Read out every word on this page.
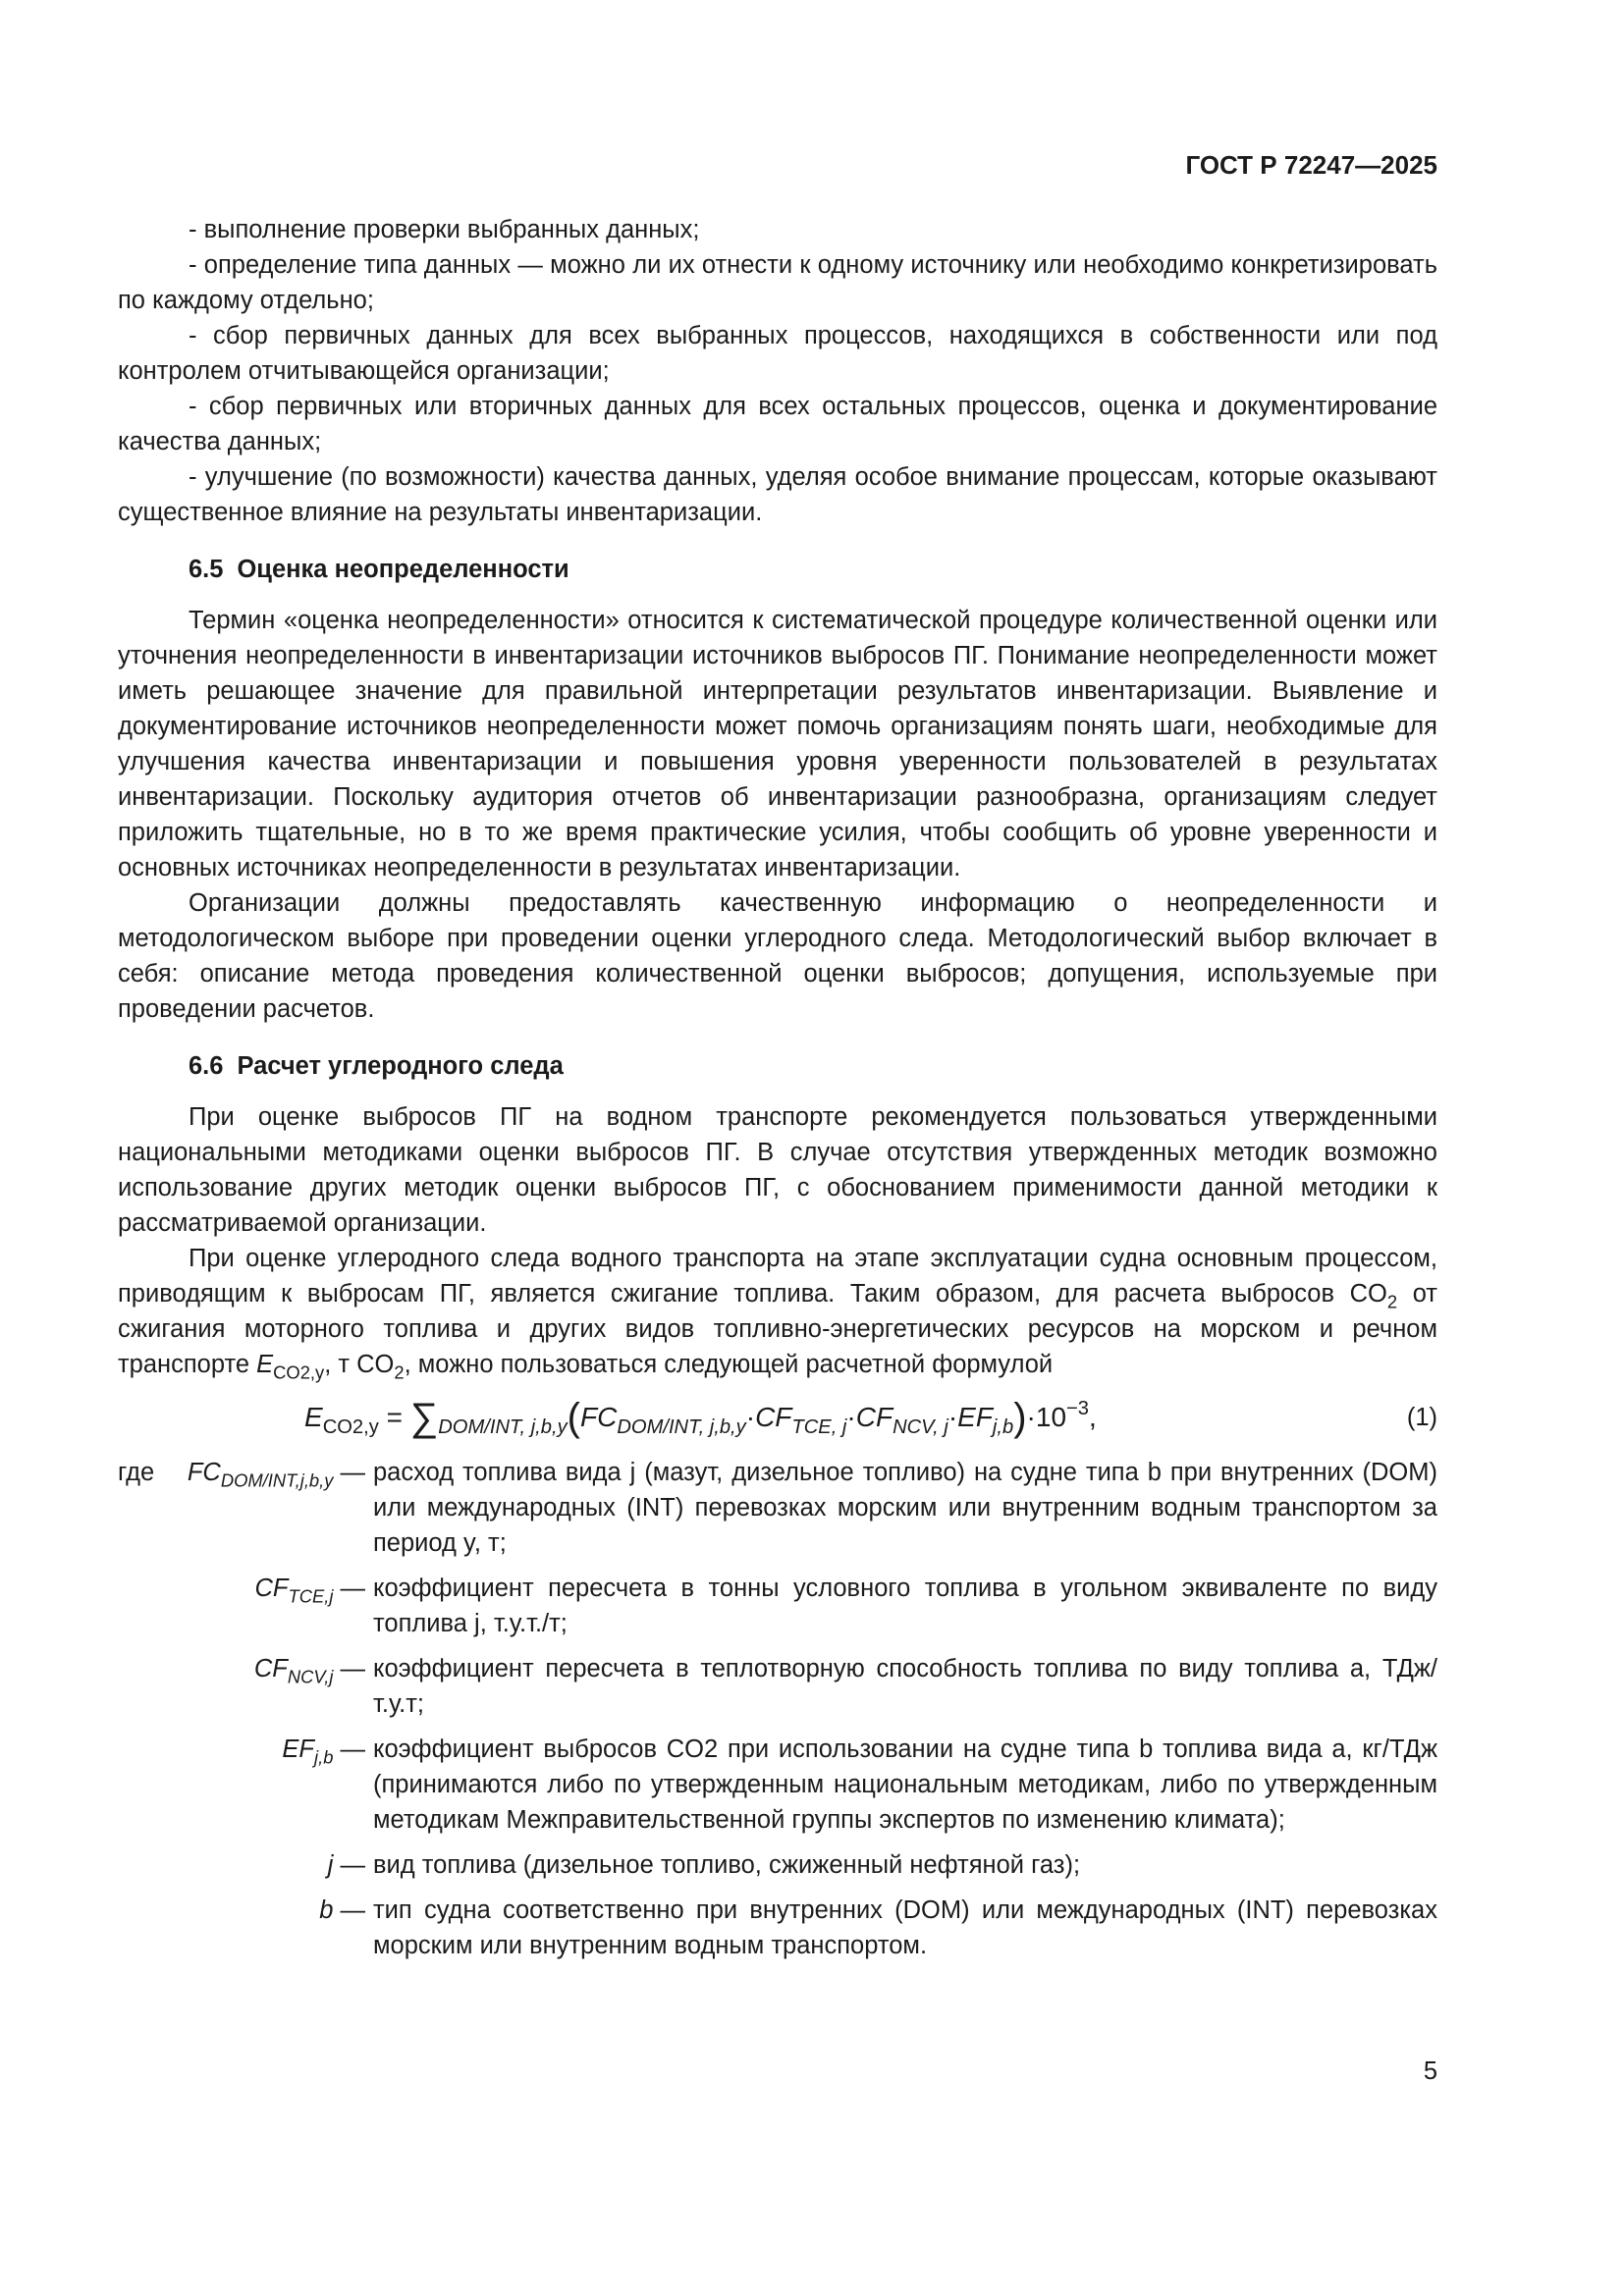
ГОСТ Р 72247—2025

- выполнение проверки выбранных данных;

- определение типа данных — можно ли их отнести к одному источнику или необходимо конкретизировать по каждому отдельно;

- сбор первичных данных для всех выбранных процессов, находящихся в собственности или под контролем отчитывающейся организации;

- сбор первичных или вторичных данных для всех остальных процессов, оценка и документирование качества данных;

- улучшение (по возможности) качества данных, уделяя особое внимание процессам, которые оказывают существенное влияние на результаты инвентаризации.

6.5 Оценка неопределенности

Термин «оценка неопределенности» относится к систематической процедуре количественной оценки или уточнения неопределенности в инвентаризации источников выбросов ПГ. Понимание неопределенности может иметь решающее значение для правильной интерпретации результатов инвентаризации. Выявление и документирование источников неопределенности может помочь организациям понять шаги, необходимые для улучшения качества инвентаризации и повышения уровня уверенности пользователей в результатах инвентаризации. Поскольку аудитория отчетов об инвентаризации разнообразна, организациям следует приложить тщательные, но в то же время практические усилия, чтобы сообщить об уровне уверенности и основных источниках неопределенности в результатах инвентаризации.

Организации должны предоставлять качественную информацию о неопределенности и методологическом выборе при проведении оценки углеродного следа. Методологический выбор включает в себя: описание метода проведения количественной оценки выбросов; допущения, используемые при проведении расчетов.

6.6 Расчет углеродного следа

При оценке выбросов ПГ на водном транспорте рекомендуется пользоваться утвержденными национальными методиками оценки выбросов ПГ. В случае отсутствия утвержденных методик возможно использование других методик оценки выбросов ПГ, с обоснованием применимости данной методики к рассматриваемой организации.

При оценке углеродного следа водного транспорта на этапе эксплуатации судна основным процессом, приводящим к выбросам ПГ, является сжигание топлива. Таким образом, для расчета выбросов $CO_2$ от сжигания моторного топлива и других видов топливно-энергетических ресурсов на морском и речном транспорте $E_{CO2,y}$, т $CO_2$, можно пользоваться следующей расчетной формулой

$E_{CO2,y} = \sum_{DOM/INT, j,b,y}(FC_{DOM/INT, j,b,y}\cdot CF_{TCE, j}\cdot CF_{NCV, j}\cdot EF_{j,b})\cdot 10^{-3}$,	(1)
где $FC_{DOM/INT,j,b,y}$ — расход топлива вида j (мазут, дизельное топливо) на судне типа b при внутренних (DOM) или международных (INT) перевозках морским или внутренним водным транспортом за период y, т;
$CF_{TCE,j}$ — коэффициент пересчета в тонны условного топлива в угольном эквиваленте по виду топлива j, т.у.т./т;
$CF_{NCV,j}$ — коэффициент пересчета в теплотворную способность топлива по виду топлива a, ТДж/т.у.т;
$EF_{j,b}$ — коэффициент выбросов CO2 при использовании на судне типа b топлива вида a, кг/ТДж (принимаются либо по утвержденным национальным методикам, либо по утвержденным методикам Межправительственной группы экспертов по изменению климата);
j — вид топлива (дизельное топливо, сжиженный нефтяной газ);
b — тип судна соответственно при внутренних (DOM) или международных (INT) перевозках морским или внутренним водным транспортом.
5
